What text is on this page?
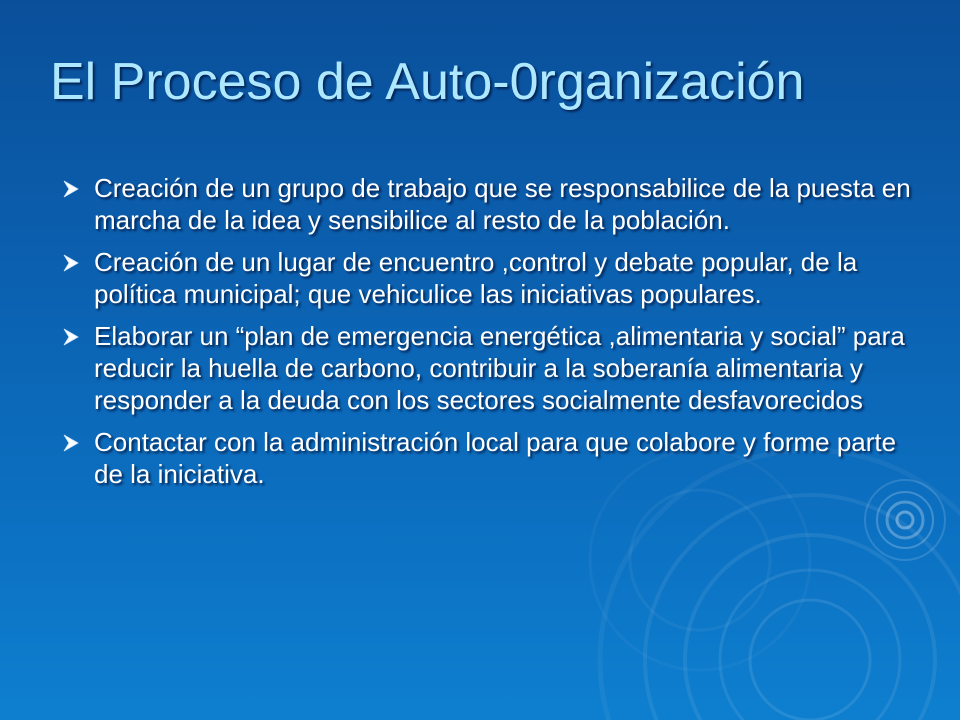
El Proceso de Auto-0rganización
Creación de un grupo de trabajo que se responsabilice de la puesta en marcha de la idea y sensibilice al resto de la población.
Creación de un lugar de encuentro ,control y debate popular, de la política municipal; que vehiculice las iniciativas populares.
Elaborar un “plan de emergencia energética ,alimentaria y social” para reducir la huella de carbono, contribuir a la soberanía alimentaria y responder a la deuda con los sectores socialmente desfavorecidos
Contactar con la administración local para que colabore y forme parte de la iniciativa.
